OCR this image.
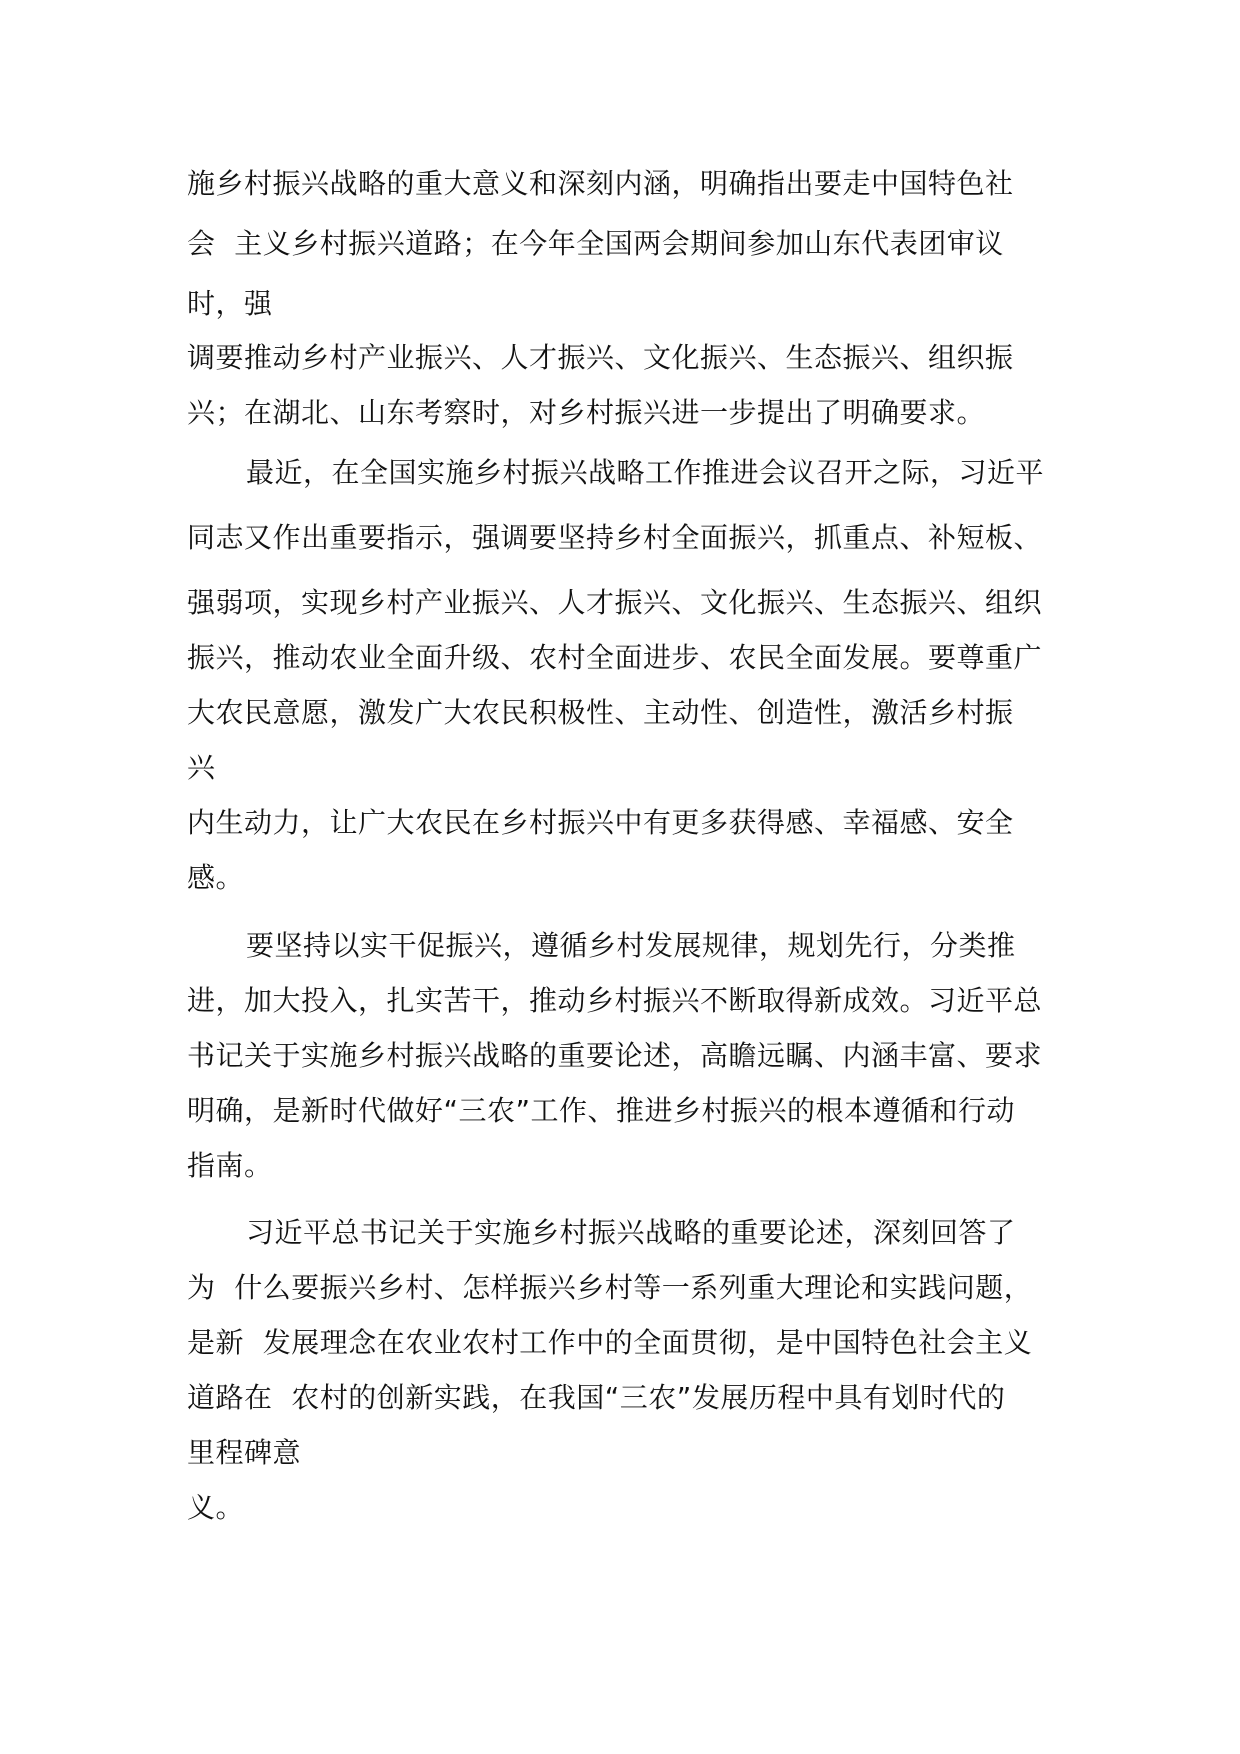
施乡村振兴战略的重大意义和深刻内涵，明确指出要走中国特色社

会  主义乡村振兴道路；在今年全国两会期间参加山东代表团审议

时，强

调要推动乡村产业振兴、人才振兴、文化振兴、生态振兴、组织振

兴；在湖北、山东考察时，对乡村振兴进一步提出了明确要求。

最近，在全国实施乡村振兴战略工作推进会议召开之际，习近平

同志又作出重要指示，强调要坚持乡村全面振兴，抓重点、补短板、

强弱项，实现乡村产业振兴、人才振兴、文化振兴、生态振兴、组织

振兴，推动农业全面升级、农村全面进步、农民全面发展。要尊重广

大农民意愿，激发广大农民积极性、主动性、创造性，激活乡村振

兴

内生动力，让广大农民在乡村振兴中有更多获得感、幸福感、安全

感。

要坚持以实干促振兴，遵循乡村发展规律，规划先行，分类推

进，加大投入，扎实苦干，推动乡村振兴不断取得新成效。习近平总

书记关于实施乡村振兴战略的重要论述，高瞻远瞩、内涵丰富、要求

明确，是新时代做好“三农”工作、推进乡村振兴的根本遵循和行动

指南。

习近平总书记关于实施乡村振兴战略的重要论述，深刻回答了

为  什么要振兴乡村、怎样振兴乡村等一系列重大理论和实践问题，

是新  发展理念在农业农村工作中的全面贯彻，是中国特色社会主义

道路在  农村的创新实践，在我国“三农”发展历程中具有划时代的

里程碑意

义。
